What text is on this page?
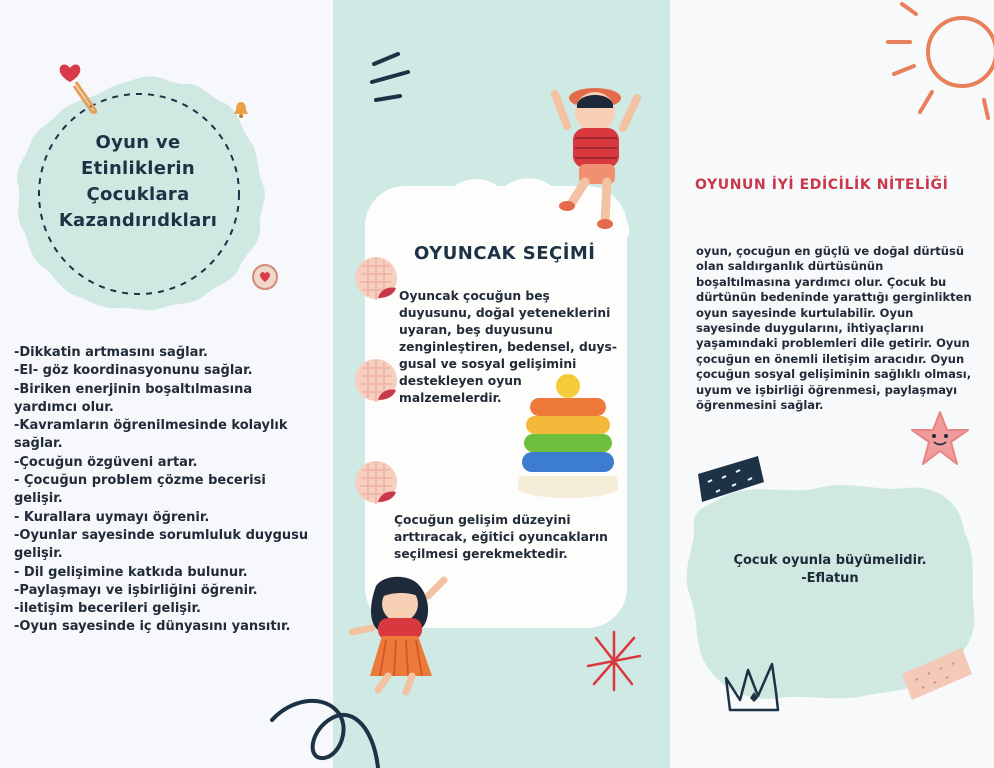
Oyun ve
Etinliklerin
Çocuklara
Kazandırıdkları
-Dikkatin artmasını sağlar.
-El- göz koordinasyonunu sağlar.
-Biriken enerjinin boşaltılmasına yardımcı olur.
-Kavramların öğrenilmesinde kolaylık sağlar.
-Çocuğun özgüveni artar.
- Çocuğun problem çözme becerisi gelişir.
- Kurallara uymayı öğrenir.
-Oyunlar sayesinde sorumluluk duygusu gelişir.
- Dil gelişimine katkıda bulunur.
-Paylaşmayı ve işbirliğini öğrenir.
-iletişim becerileri gelişir.
-Oyun sayesinde iç dünyasını yansıtır.
OYUNCAK SEÇİMİ
Oyuncak çocuğun beş duyusunu, doğal yeteneklerini uyaran, beş duyusunu zenginleştiren, bedensel, duys-gusal ve sosyal gelişimini destekleyen oyun malzemelerdir.
Çocuğun gelişim düzeyini arttıracak, eğitici oyuncakların seçilmesi gerekmektedir.
OYUNUN İYİ EDİCİLİK NİTELİĞİ
oyun, çocuğun en güçlü ve doğal dürtüsü olan saldırganlık dürtüsünün boşaltılmasına yardımcı olur. Çocuk bu dürtünün bedeninde yarattığı gerginlikten oyun sayesinde kurtulabilir. Oyun sayesinde duygularını, ihtiyaçlarını yaşamındaki problemleri dile getirir. Oyun çocuğun en önemli iletişim aracıdır. Oyun çocuğun sosyal gelişiminin sağlıklı olması, uyum ve işbirliği öğrenmesi, paylaşmayı öğrenmesini sağlar.
Çocuk oyunla büyümelidir.
-Eflatun
